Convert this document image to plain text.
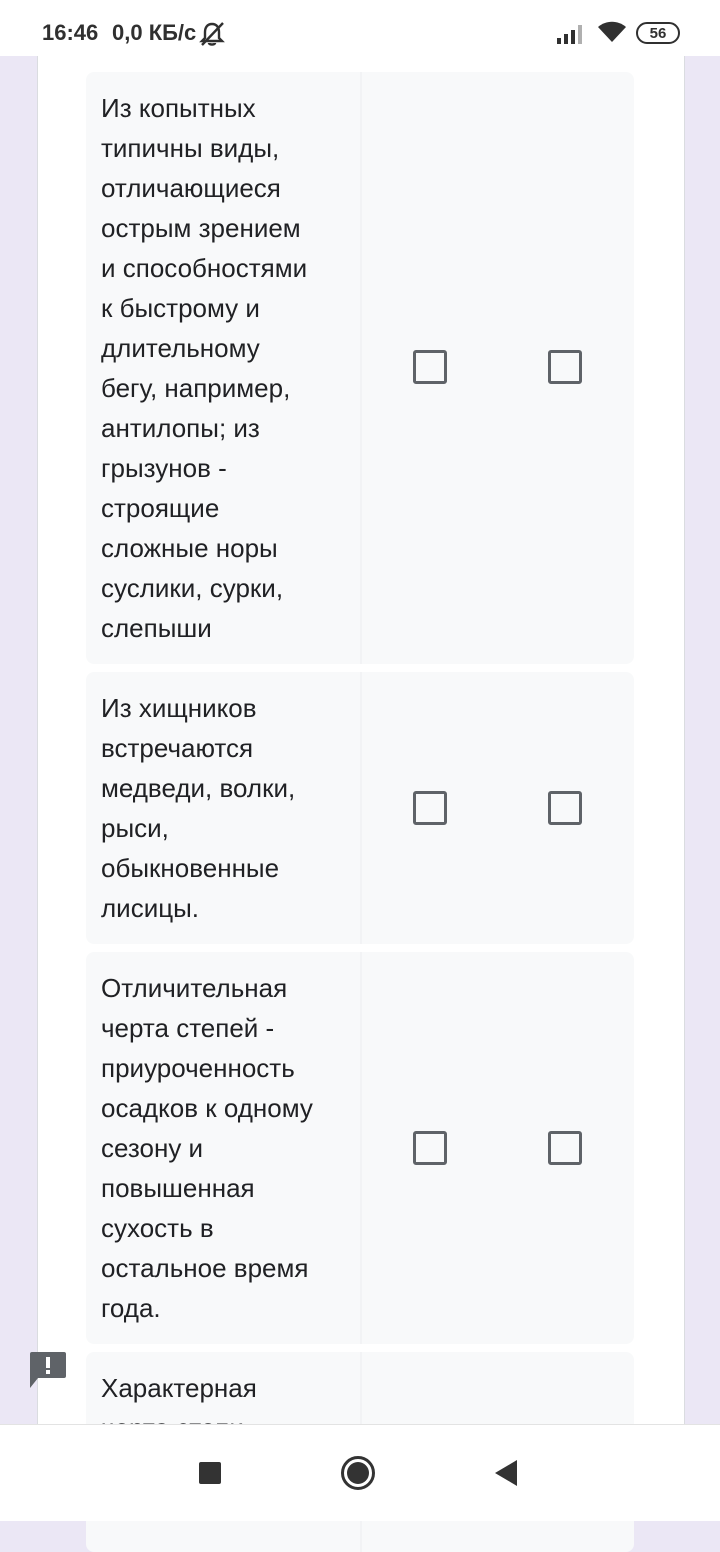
16:46 0,0 КБ/с	56
Из копытных
типичны виды,
отличающиеся
острым зрением
и способностями
к быстрому и
длительному
бегу, например,
антилопы; из
грызунов -
строящие
сложные норы
суслики, сурки,
слепыши
Из хищников
встречаются
медведи, волки,
рыси,
обыкновенные
лисицы.
Отличительная
черта степей -
приуроченность
осадков к одному
сезону и
повышенная
сухость в
остальное время
года.
Характерная
